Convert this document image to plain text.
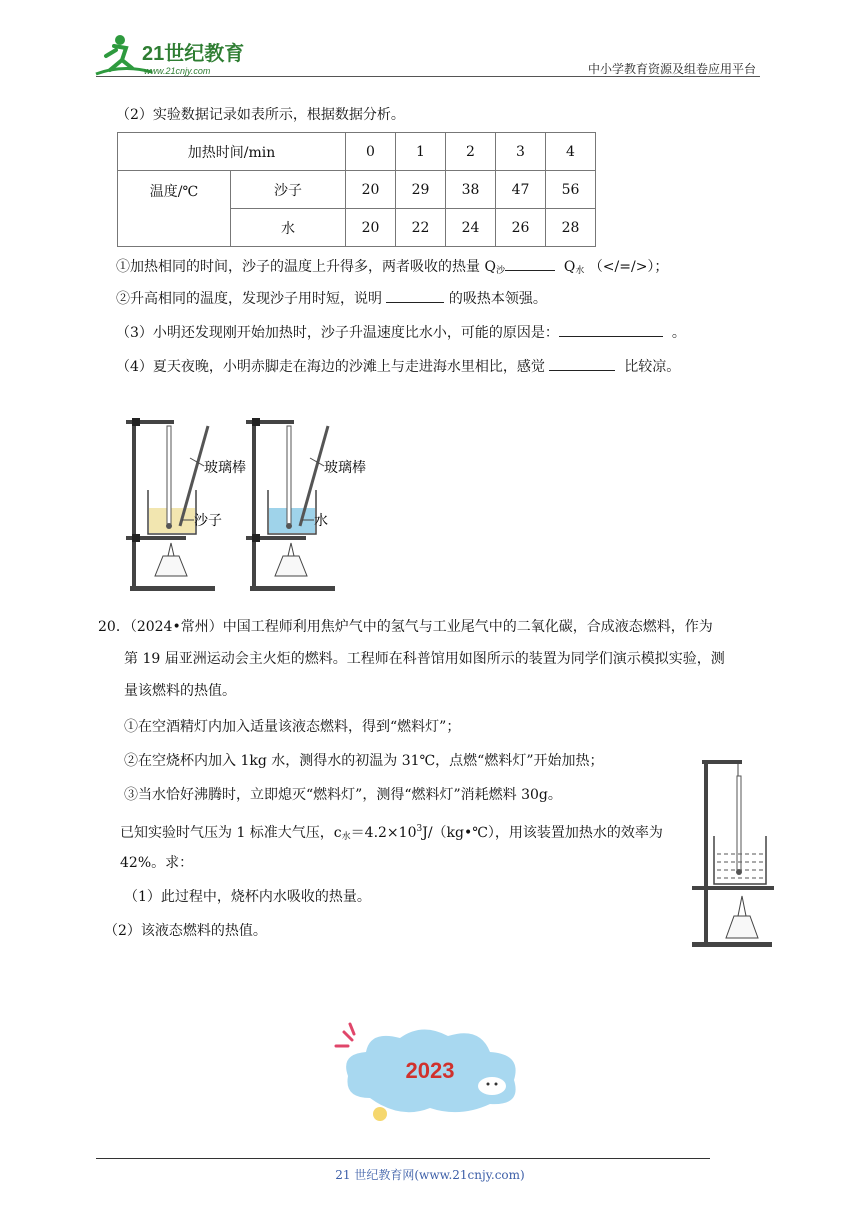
21世纪教育
www.21cnjy.com	中小学教育资源及组卷应用平台
（2）实验数据记录如表所示，根据数据分析。
加热时间/min		0	1	2	3	4
温度/℃	沙子	20	29	38	47	56
	水	20	22	24	26	28
①加热相同的时间，沙子的温度上升得多，两者吸收的热量 $Q_沙$	$Q_水$ （</=/>）；
②升高相同的温度，发现沙子用时短，说明	的吸热本领强。
（3）小明还发现刚开始加热时，沙子升温速度比水小，可能的原因是：	。
（4）夏天夜晚，小明赤脚走在海边的沙滩上与走进海水里相比，感觉	比较凉。
玻璃棒
沙子
玻璃棒
水
20．（2024•常州）中国工程师利用焦炉气中的氢气与工业尾气中的二氧化碳，合成液态燃料，作为
第 19 届亚洲运动会主火炬的燃料。工程师在科普馆用如图所示的装置为同学们演示模拟实验，测
量该燃料的热值。
①在空酒精灯内加入适量该液态燃料，得到“燃料灯”；
②在空烧杯内加入 1kg 水，测得水的初温为 31℃，点燃“燃料灯”开始加热；
③当水恰好沸腾时，立即熄灭“燃料灯”，测得“燃料灯”消耗燃料 30g。
已知实验时气压为 1 标准大气压，$c_水=4.2\times 10^3J/(kg•℃)$，用该装置加热水的效率为
42%。求：
（1）此过程中，烧杯内水吸收的热量。
（2）该液态燃料的热值。
2023
21 世纪教育网(www.21cnjy.com)
